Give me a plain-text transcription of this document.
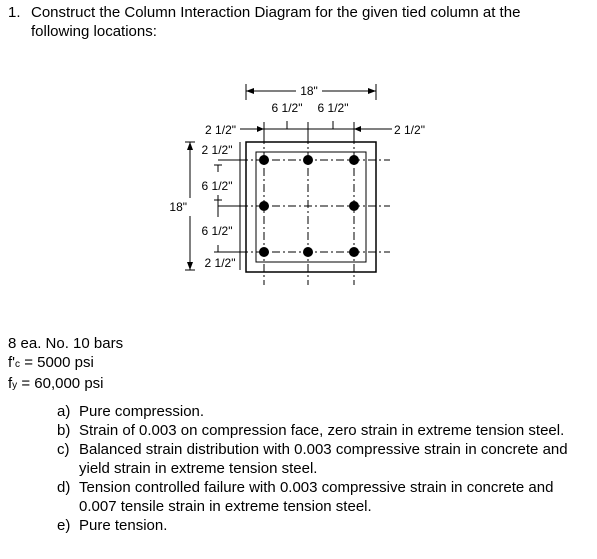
1. Construct the Column Interaction Diagram for the given tied column at the
following locations:
18"
6 1/2" 6 1/2"
2 1/2"	2 1/2"
18"
2 1/2"
6 1/2"
6 1/2"
2 1/2"
8 ea. No. 10 bars
f'c = 5000 psi
fy = 60,000 psi
a) Pure compression.
b) Strain of 0.003 on compression face, zero strain in extreme tension steel.
c) Balanced strain distribution with 0.003 compressive strain in concrete and yield strain in extreme tension steel.
d) Tension controlled failure with 0.003 compressive strain in concrete and 0.007 tensile strain in extreme tension steel.
e) Pure tension.
